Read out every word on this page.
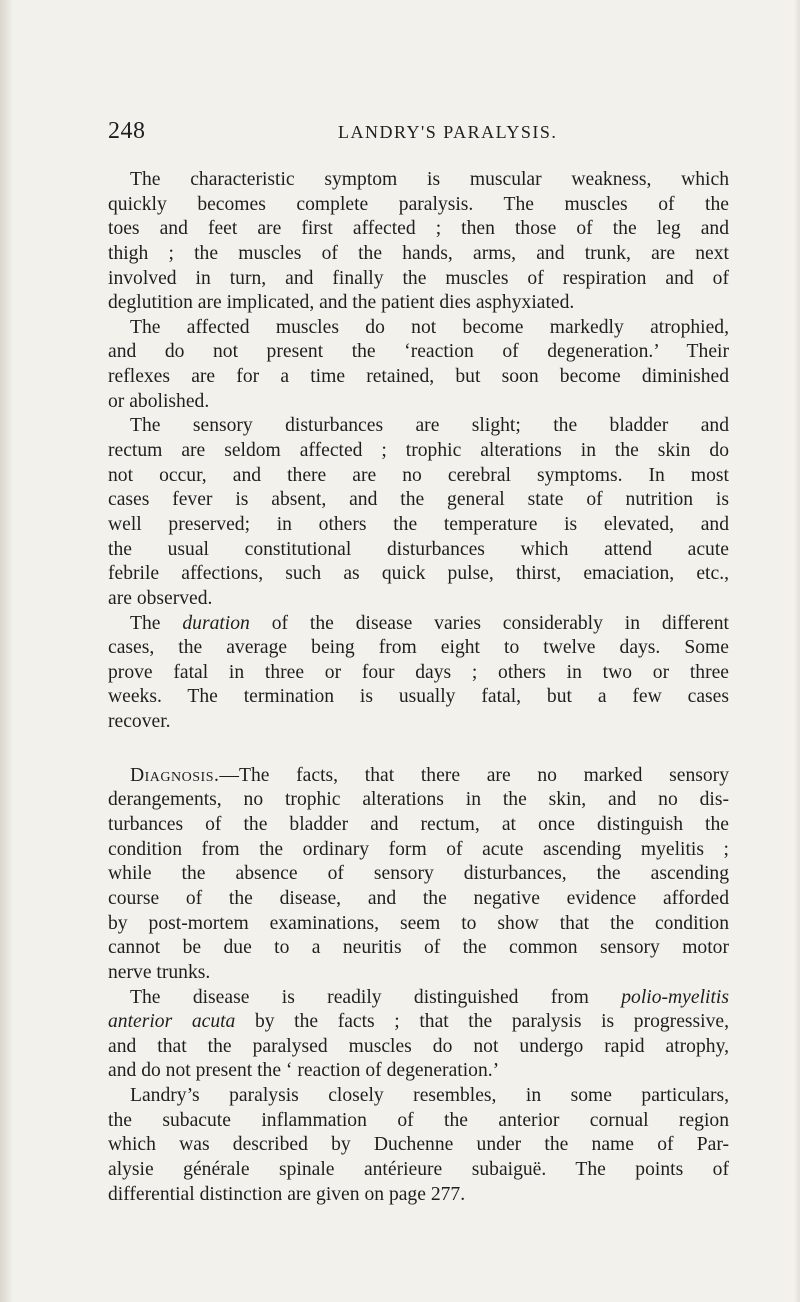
248	LANDRY'S PARALYSIS.
The characteristic symptom is muscular weakness, which
quickly becomes complete paralysis. The muscles of the
toes and feet are first affected ; then those of the leg and
thigh ; the muscles of the hands, arms, and trunk, are next
involved in turn, and finally the muscles of respiration and of
deglutition are implicated, and the patient dies asphyxiated.
The affected muscles do not become markedly atrophied,
and do not present the ‘reaction of degeneration.’ Their
reflexes are for a time retained, but soon become diminished
or abolished.
The sensory disturbances are slight; the bladder and
rectum are seldom affected ; trophic alterations in the skin do
not occur, and there are no cerebral symptoms. In most
cases fever is absent, and the general state of nutrition is
well preserved; in others the temperature is elevated, and
the usual constitutional disturbances which attend acute
febrile affections, such as quick pulse, thirst, emaciation, etc.,
are observed.
The duration of the disease varies considerably in different
cases, the average being from eight to twelve days. Some
prove fatal in three or four days ; others in two or three
weeks. The termination is usually fatal, but a few cases
recover.
Diagnosis.—The facts, that there are no marked sensory
derangements, no trophic alterations in the skin, and no dis-
turbances of the bladder and rectum, at once distinguish the
condition from the ordinary form of acute ascending myelitis ;
while the absence of sensory disturbances, the ascending
course of the disease, and the negative evidence afforded
by post-mortem examinations, seem to show that the condition
cannot be due to a neuritis of the common sensory motor
nerve trunks.
The disease is readily distinguished from polio-myelitis
anterior acuta by the facts ; that the paralysis is progressive,
and that the paralysed muscles do not undergo rapid atrophy,
and do not present the ‘ reaction of degeneration.’
Landry’s paralysis closely resembles, in some particulars,
the subacute inflammation of the anterior cornual region
which was described by Duchenne under the name of Par-
alysie générale spinale antérieure subaiguë. The points of
differential distinction are given on page 277.
